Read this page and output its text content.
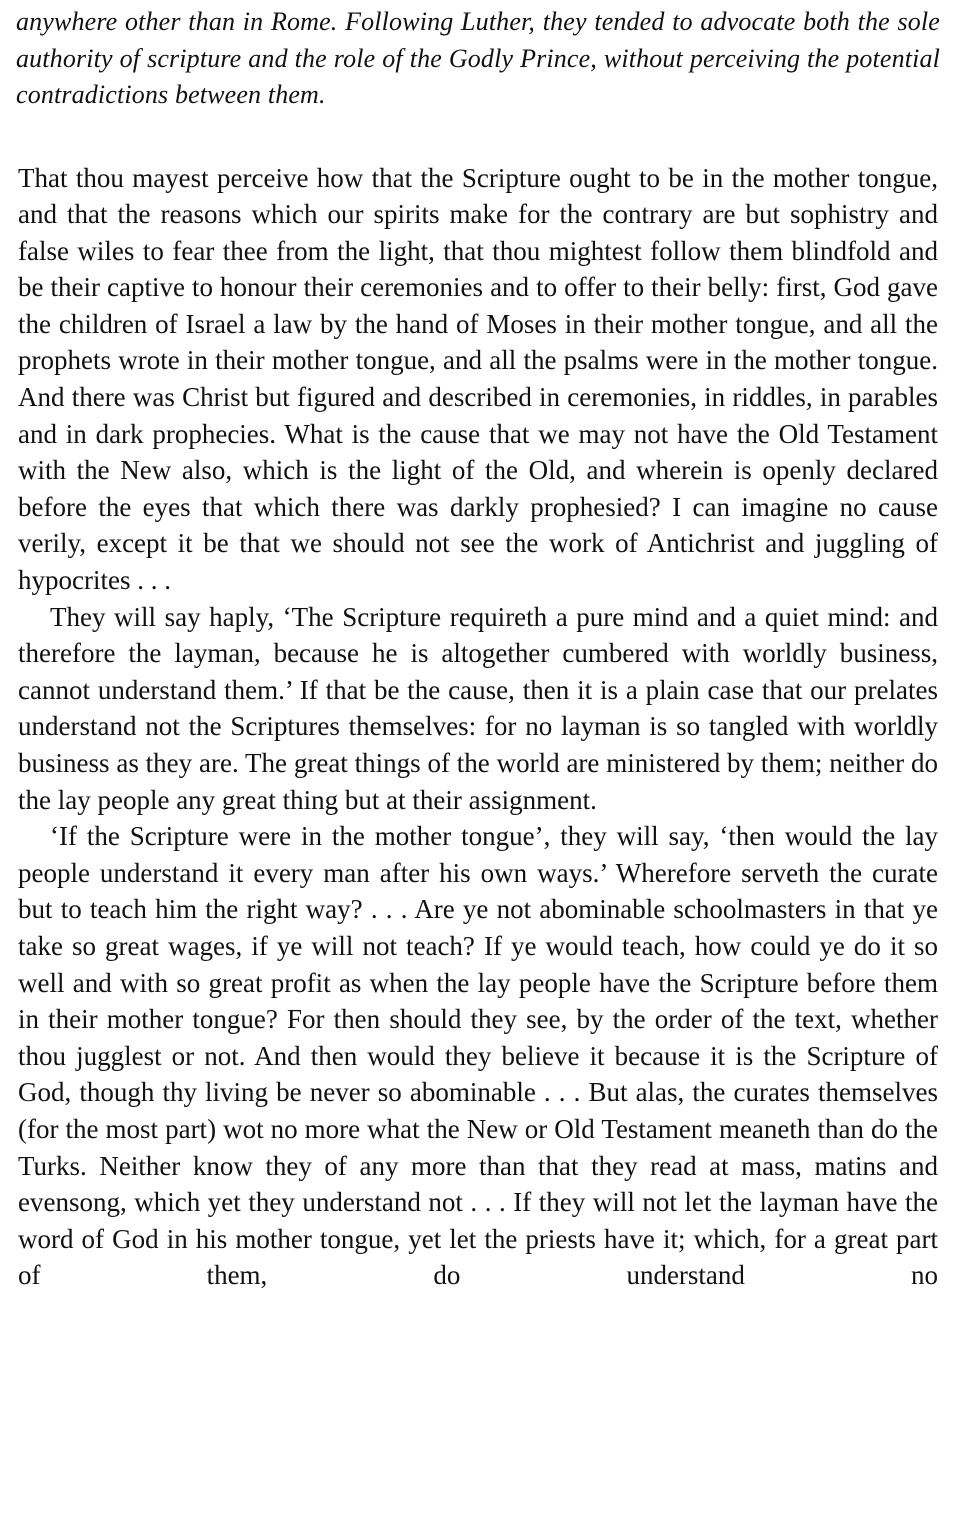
anywhere other than in Rome. Following Luther, they tended to advocate both the sole authority of scripture and the role of the Godly Prince, without perceiving the potential contradictions between them.

That thou mayest perceive how that the Scripture ought to be in the mother tongue, and that the reasons which our spirits make for the contrary are but sophistry and false wiles to fear thee from the light, that thou mightest follow them blindfold and be their captive to honour their ceremonies and to offer to their belly: first, God gave the children of Israel a law by the hand of Moses in their mother tongue, and all the prophets wrote in their mother tongue, and all the psalms were in the mother tongue. And there was Christ but figured and described in ceremonies, in riddles, in parables and in dark prophecies. What is the cause that we may not have the Old Testament with the New also, which is the light of the Old, and wherein is openly declared before the eyes that which there was darkly prophesied? I can imagine no cause verily, except it be that we should not see the work of Antichrist and juggling of hypocrites . . .

They will say haply, ‘The Scripture requireth a pure mind and a quiet mind: and therefore the layman, because he is altogether cumbered with worldly business, cannot understand them.’ If that be the cause, then it is a plain case that our prelates understand not the Scriptures themselves: for no layman is so tangled with worldly business as they are. The great things of the world are ministered by them; neither do the lay people any great thing but at their assignment.

‘If the Scripture were in the mother tongue’, they will say, ‘then would the lay people understand it every man after his own ways.’ Wherefore serveth the curate but to teach him the right way? . . . Are ye not abominable schoolmasters in that ye take so great wages, if ye will not teach? If ye would teach, how could ye do it so well and with so great profit as when the lay people have the Scripture before them in their mother tongue? For then should they see, by the order of the text, whether thou jugglest or not. And then would they believe it because it is the Scripture of God, though thy living be never so abominable . . . But alas, the curates themselves (for the most part) wot no more what the New or Old Testament meaneth than do the Turks. Neither know they of any more than that they read at mass, matins and evensong, which yet they understand not . . . If they will not let the layman have the word of God in his mother tongue, yet let the priests have it; which, for a great part of them, do understand no
